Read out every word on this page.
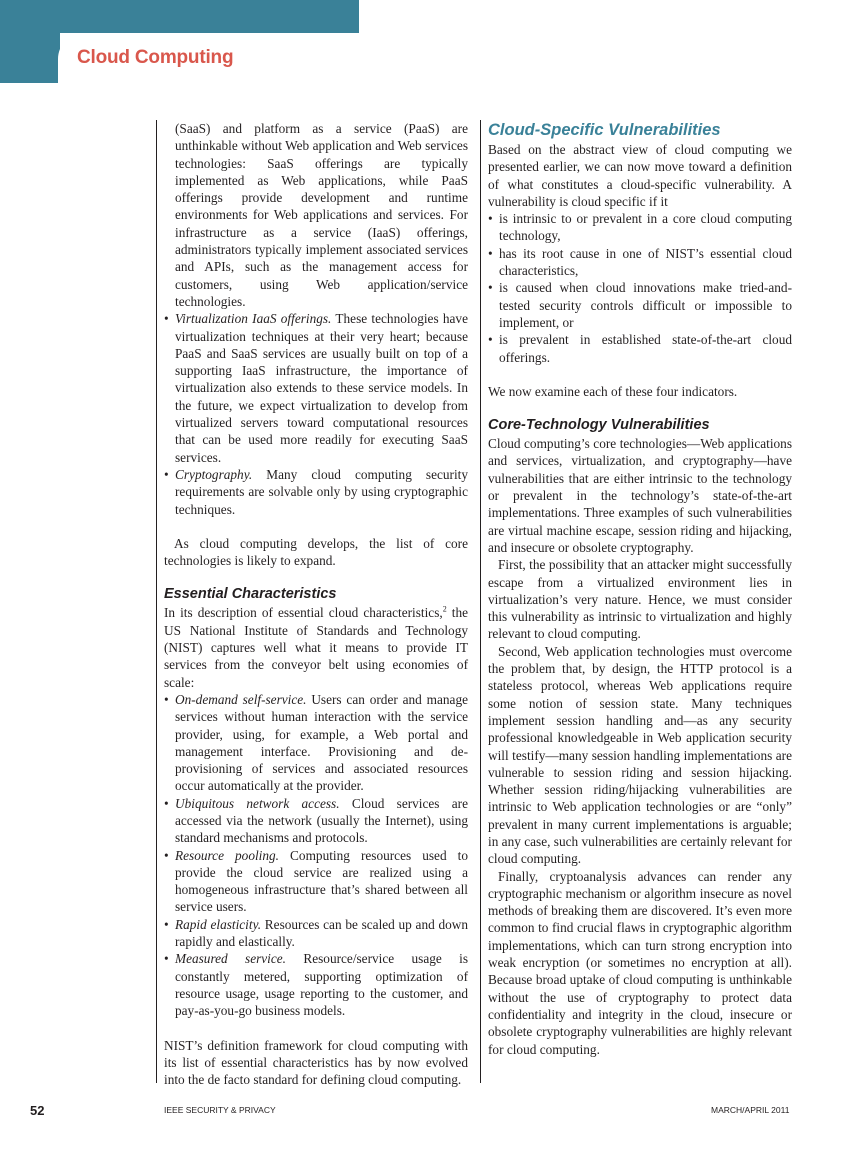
Cloud Computing

(SaaS) and platform as a service (PaaS) are unthinkable without Web application and Web services technologies: SaaS offerings are typically implemented as Web applications, while PaaS offerings provide development and runtime environments for Web applications and services. For infrastructure as a service (IaaS) offerings, administrators typically implement associated services and APIs, such as the management access for customers, using Web application/service technologies.

• Virtualization IaaS offerings. These technologies have virtualization techniques at their very heart; because PaaS and SaaS services are usually built on top of a supporting IaaS infrastructure, the importance of virtualization also extends to these service models. In the future, we expect virtualization to develop from virtualized servers toward computational resources that can be used more readily for executing SaaS services.
• Cryptography. Many cloud computing security requirements are solvable only by using cryptographic techniques.

As cloud computing develops, the list of core technologies is likely to expand.

Essential Characteristics

In its description of essential cloud characteristics,$^2$ the US National Institute of Standards and Technology (NIST) captures well what it means to provide IT services from the conveyor belt using economies of scale:

• On-demand self-service. Users can order and manage services without human interaction with the service provider, using, for example, a Web portal and management interface. Provisioning and de-provisioning of services and associated resources occur automatically at the provider.
• Ubiquitous network access. Cloud services are accessed via the network (usually the Internet), using standard mechanisms and protocols.
• Resource pooling. Computing resources used to provide the cloud service are realized using a homogeneous infrastructure that’s shared between all service users.
• Rapid elasticity. Resources can be scaled up and down rapidly and elastically.
• Measured service. Resource/service usage is constantly metered, supporting optimization of resource usage, usage reporting to the customer, and pay-as-you-go business models.

NIST’s definition framework for cloud computing with its list of essential characteristics has by now evolved into the de facto standard for defining cloud computing.

Cloud-Specific Vulnerabilities

Based on the abstract view of cloud computing we presented earlier, we can now move toward a definition of what constitutes a cloud-specific vulnerability. A vulnerability is cloud specific if it

• is intrinsic to or prevalent in a core cloud computing technology,
• has its root cause in one of NIST’s essential cloud characteristics,
• is caused when cloud innovations make tried-and-tested security controls difficult or impossible to implement, or
• is prevalent in established state-of-the-art cloud offerings.

We now examine each of these four indicators.

Core-Technology Vulnerabilities

Cloud computing’s core technologies—Web applications and services, virtualization, and cryptography—have vulnerabilities that are either intrinsic to the technology or prevalent in the technology’s state-of-the-art implementations. Three examples of such vulnerabilities are virtual machine escape, session riding and hijacking, and insecure or obsolete cryptography.

First, the possibility that an attacker might successfully escape from a virtualized environment lies in virtualization’s very nature. Hence, we must consider this vulnerability as intrinsic to virtualization and highly relevant to cloud computing.

Second, Web application technologies must overcome the problem that, by design, the HTTP protocol is a stateless protocol, whereas Web applications require some notion of session state. Many techniques implement session handling and—as any security professional knowledgeable in Web application security will testify—many session handling implementations are vulnerable to session riding and session hijacking. Whether session riding/hijacking vulnerabilities are intrinsic to Web application technologies or are “only” prevalent in many current implementations is arguable; in any case, such vulnerabilities are certainly relevant for cloud computing.

Finally, cryptoanalysis advances can render any cryptographic mechanism or algorithm insecure as novel methods of breaking them are discovered. It’s even more common to find crucial flaws in cryptographic algorithm implementations, which can turn strong encryption into weak encryption (or sometimes no encryption at all). Because broad uptake of cloud computing is unthinkable without the use of cryptography to protect data confidentiality and integrity in the cloud, insecure or obsolete cryptography vulnerabilities are highly relevant for cloud computing.

52	IEEE SECURITY & PRIVACY	MARCH/APRIL 2011
